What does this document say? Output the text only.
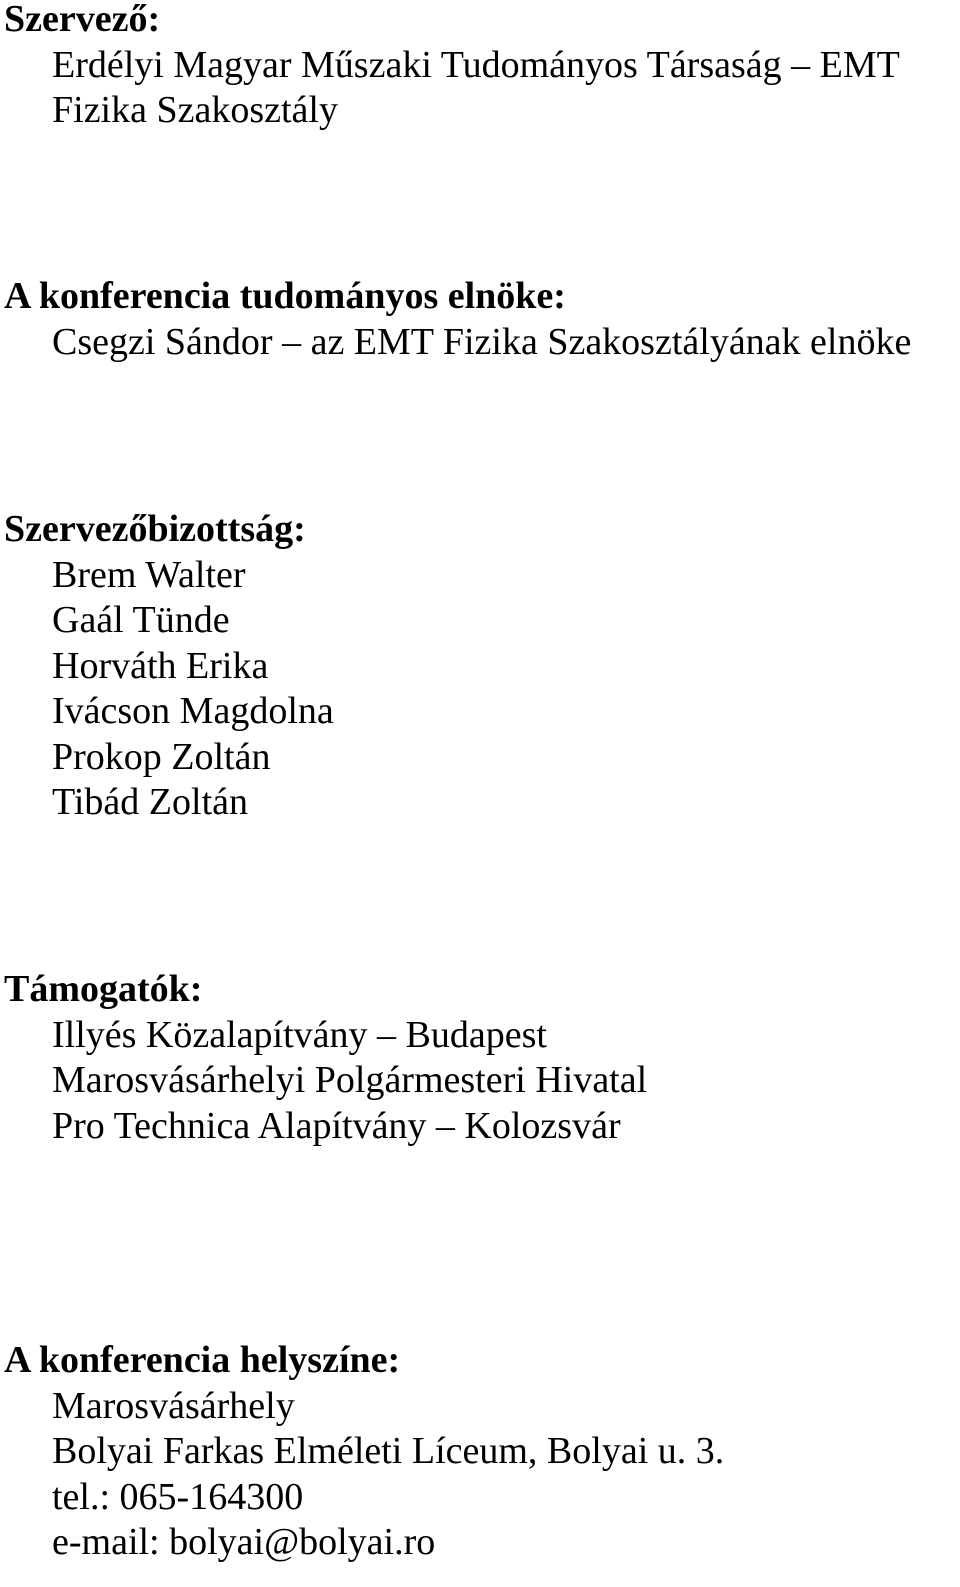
Szervező:
Erdélyi Magyar Műszaki Tudományos Társaság – EMT
Fizika Szakosztály
A konferencia tudományos elnöke:
Csegzi Sándor – az EMT Fizika Szakosztályának elnöke
Szervezőbizottság:
Brem Walter
Gaál Tünde
Horváth Erika
Ivácson Magdolna
Prokop Zoltán
Tibád Zoltán
Támogatók:
Illyés Közalapítvány – Budapest
Marosvásárhelyi Polgármesteri Hivatal
Pro Technica Alapítvány – Kolozsvár
A konferencia helyszíne:
Marosvásárhely
Bolyai Farkas Elméleti Líceum, Bolyai u. 3.
tel.: 065-164300
e-mail: bolyai@bolyai.ro
